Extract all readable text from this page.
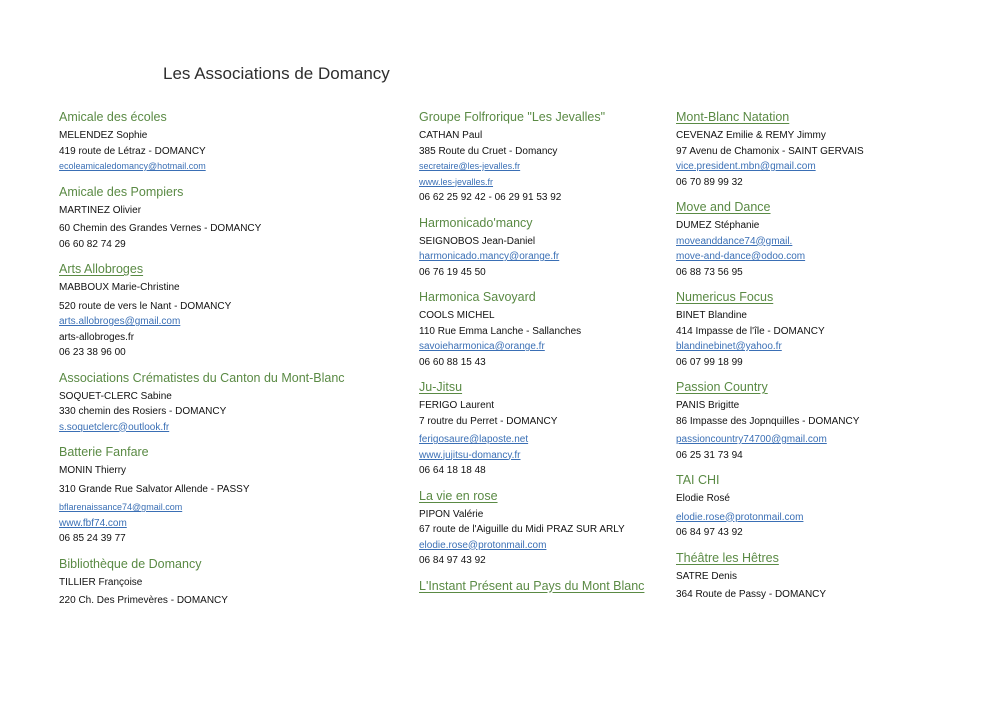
Les Associations de Domancy
Amicale des écoles
MELENDEZ Sophie
419 route de Létraz - DOMANCY
ecoleamicaledomancy@hotmail.com
Amicale des Pompiers
MARTINEZ Olivier
60 Chemin des Grandes Vernes - DOMANCY
06 60 82 74 29
Arts Allobroges
MABBOUX Marie-Christine
520 route de vers le Nant - DOMANCY
arts.allobroges@gmail.com
arts-allobroges.fr
06 23 38 96 00
Associations Crématistes du Canton du Mont-Blanc
SOQUET-CLERC Sabine
330 chemin des Rosiers - DOMANCY
s.soquetclerc@outlook.fr
Batterie Fanfare
MONIN Thierry
310 Grande Rue Salvator Allende - PASSY
bflarenaissance74@gmail.com
www.fbf74.com
06 85 24 39 77
Bibliothèque de Domancy
TILLIER Françoise
220 Ch. Des Primevères - DOMANCY
Groupe Folfrorique "Les Jevalles"
CATHAN Paul
385 Route du Cruet - Domancy
secretaire@les-jevalles.fr
www.les-jevalles.fr
06 62 25 92 42 - 06 29 91 53 92
Harmonicado'mancy
SEIGNOBOS Jean-Daniel
harmonicado.mancy@orange.fr
06 76 19 45 50
Harmonica Savoyard
COOLS MICHEL
110 Rue Emma Lanche - Sallanches
savoieharmonica@orange.fr
06 60 88 15 43
Ju-Jitsu
FERIGO Laurent
7 routre du Perret - DOMANCY
ferigosaure@laposte.net
www.jujitsu-domancy.fr
06 64 18 18 48
La vie en rose
PIPON Valérie
67 route de l'Aiguille du Midi PRAZ SUR ARLY
elodie.rose@protonmail.com
06 84 97 43 92
L'Instant Présent au Pays du Mont Blanc
Mont-Blanc Natation
CEVENAZ Emilie & REMY Jimmy
97 Avenu de Chamonix - SAINT GERVAIS
vice.president.mbn@gmail.com
06 70 89 99 32
Move and Dance
DUMEZ Stéphanie
moveanddance74@gmail.
move-and-dance@odoo.com
06 88 73 56 95
Numericus Focus
BINET Blandine
414 Impasse de l'île - DOMANCY
blandinebinet@yahoo.fr
06 07 99 18 99
Passion Country
PANIS Brigitte
86 Impasse des Jopnquilles - DOMANCY
passioncountry74700@gmail.com
06 25 31 73 94
TAI CHI
Elodie Rosé
elodie.rose@protonmail.com
06 84 97 43 92
Théâtre les Hêtres
SATRE Denis
364 Route de Passy - DOMANCY
